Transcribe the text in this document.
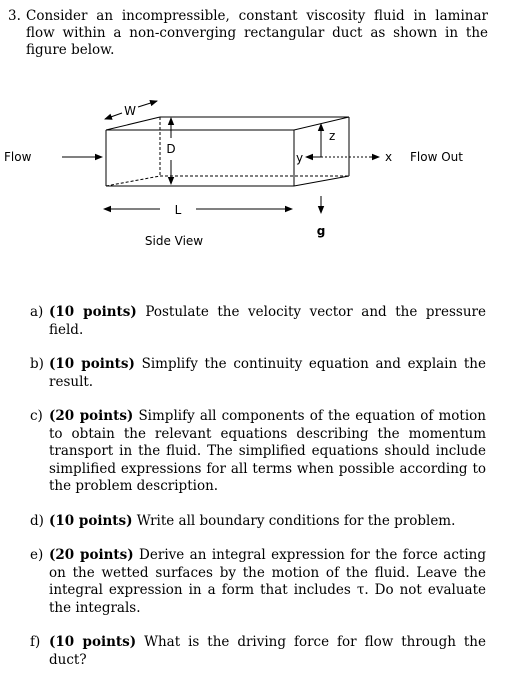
3. Consider an incompressible, constant viscosity fluid in laminar flow within a non-converging rectangular duct as shown in the figure below.
W
D
L
Flow	y
z
x Flow Out
g
Side View
a) (10 points) Postulate the velocity vector and the pressure field.
b) (10 points) Simplify the continuity equation and explain the result.
c) (20 points) Simplify all components of the equation of motion to obtain the relevant equations describing the momentum transport in the fluid. The simplified equations should include simplified expressions for all terms when possible according to the problem description.
d) (10 points) Write all boundary conditions for the problem.
e) (20 points) Derive an integral expression for the force acting on the wetted surfaces by the motion of the fluid. Leave the integral expression in a form that includes τ. Do not evaluate the integrals.
f) (10 points) What is the driving force for flow through the duct?
